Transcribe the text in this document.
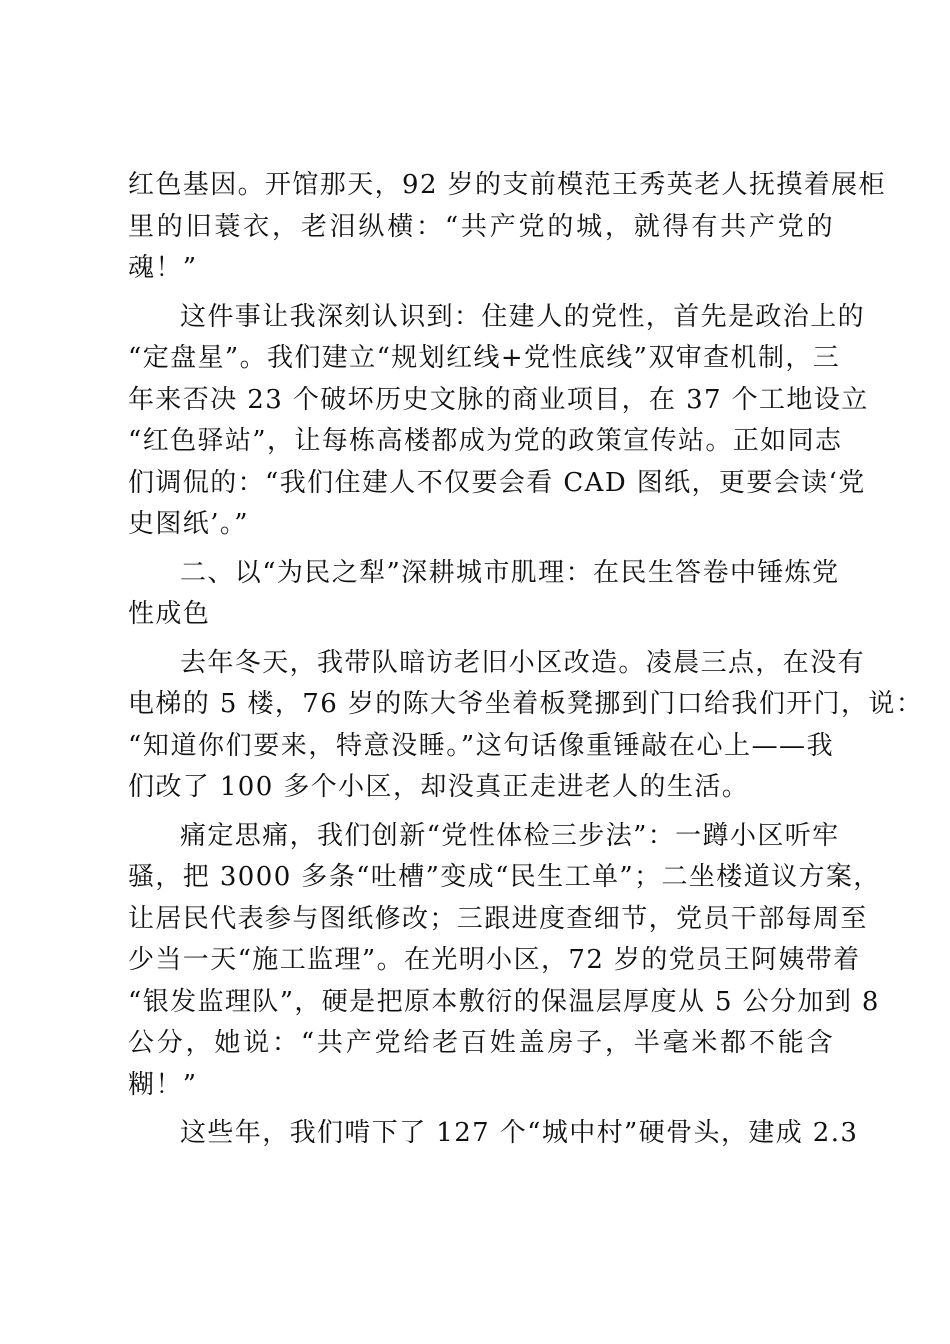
红色基因。开馆那天，92 岁的支前模范王秀英老人抚摸着展柜
里的旧蓑衣，老泪纵横：“共产党的城，就得有共产党的
魂！”
这件事让我深刻认识到：住建人的党性，首先是政治上的
“定盘星”。我们建立“规划红线+党性底线”双审查机制，三
年来否决 23 个破坏历史文脉的商业项目，在 37 个工地设立
“红色驿站”，让每栋高楼都成为党的政策宣传站。正如同志
们调侃的：“我们住建人不仅要会看 CAD 图纸，更要会读‘党
史图纸’。”
二、以“为民之犁”深耕城市肌理：在民生答卷中锤炼党
性成色
去年冬天，我带队暗访老旧小区改造。凌晨三点，在没有
电梯的 5 楼，76 岁的陈大爷坐着板凳挪到门口给我们开门，说：
“知道你们要来，特意没睡。”这句话像重锤敲在心上——我
们改了 100 多个小区，却没真正走进老人的生活。
痛定思痛，我们创新“党性体检三步法”：一蹲小区听牢
骚，把 3000 多条“吐槽”变成“民生工单”；二坐楼道议方案，
让居民代表参与图纸修改；三跟进度查细节，党员干部每周至
少当一天“施工监理”。在光明小区，72 岁的党员王阿姨带着
“银发监理队”，硬是把原本敷衍的保温层厚度从 5 公分加到 8
公分，她说：“共产党给老百姓盖房子，半毫米都不能含
糊！”
这些年，我们啃下了 127 个“城中村”硬骨头，建成 2.3
